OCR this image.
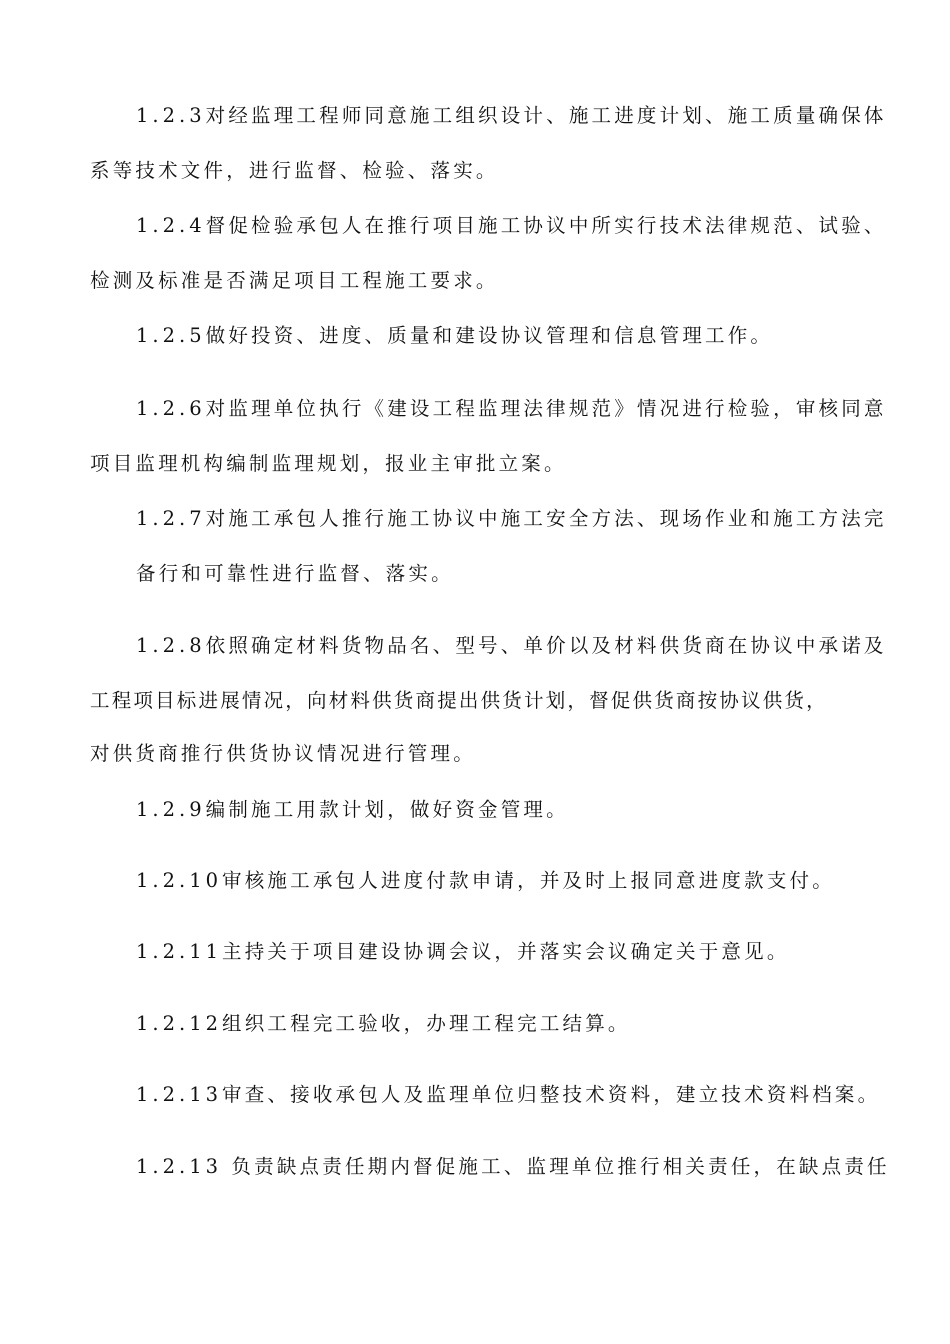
1.2.3对经监理工程师同意施工组织设计、施工进度计划、施工质量确保体
系等技术文件，进行监督、检验、落实。
1.2.4督促检验承包人在推行项目施工协议中所实行技术法律规范、试验、
检测及标准是否满足项目工程施工要求。
1.2.5做好投资、进度、质量和建设协议管理和信息管理工作。
1.2.6对监理单位执行《建设工程监理法律规范》情况进行检验，审核同意
项目监理机构编制监理规划，报业主审批立案。
1.2.7对施工承包人推行施工协议中施工安全方法、现场作业和施工方法完
备行和可靠性进行监督、落实。
1.2.8依照确定材料货物品名、型号、单价以及材料供货商在协议中承诺及
工程项目标进展情况，向材料供货商提出供货计划，督促供货商按协议供货，
对供货商推行供货协议情况进行管理。
1.2.9编制施工用款计划，做好资金管理。
1.2.10审核施工承包人进度付款申请，并及时上报同意进度款支付。
1.2.11主持关于项目建设协调会议，并落实会议确定关于意见。
1.2.12组织工程完工验收，办理工程完工结算。
1.2.13审查、接收承包人及监理单位归整技术资料，建立技术资料档案。
1.2.13 负责缺点责任期内督促施工、监理单位推行相关责任，在缺点责任
